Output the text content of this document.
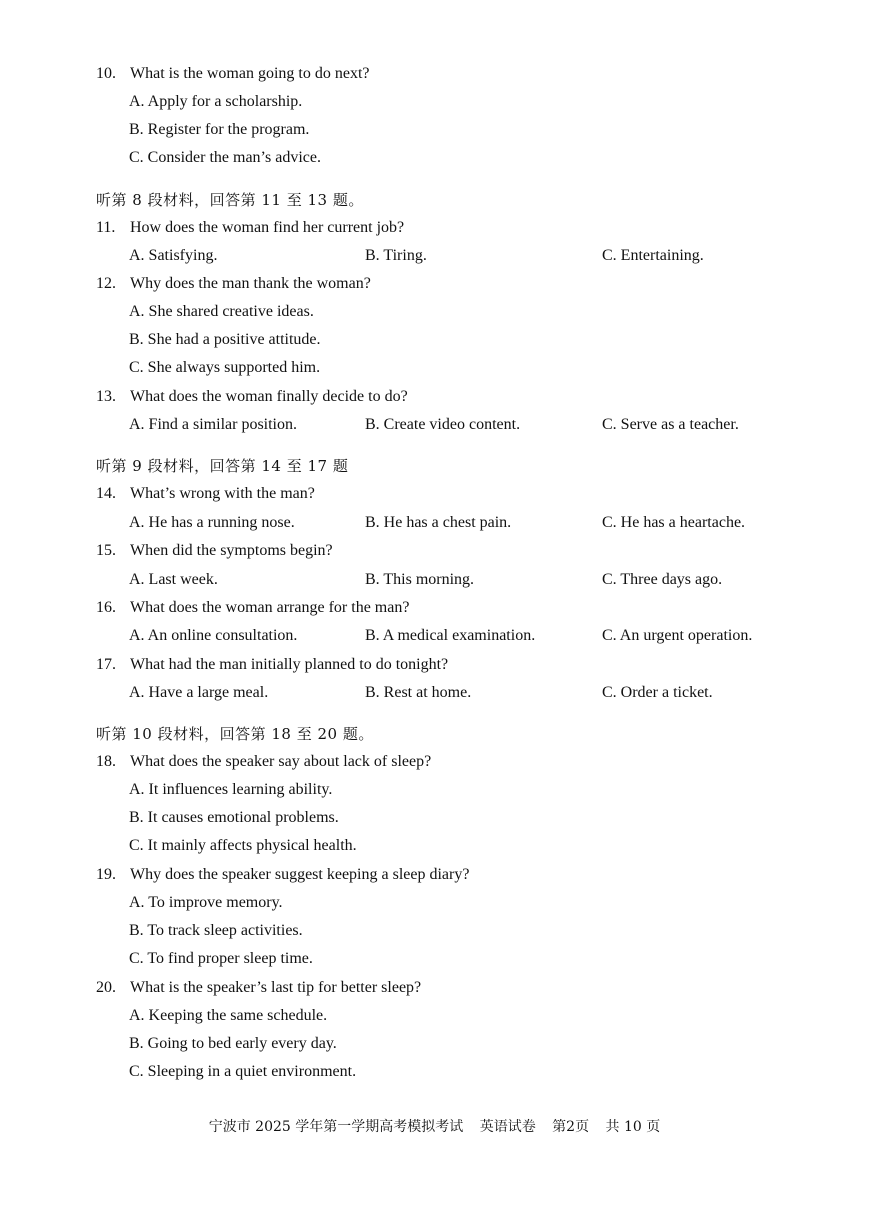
10. What is the woman going to do next?
A. Apply for a scholarship.
B. Register for the program.
C. Consider the man’s advice.
听第 8 段材料，回答第 11 至 13 题。
11. How does the woman find her current job?
A. Satisfying.	B. Tiring.	C. Entertaining.
12. Why does the man thank the woman?
A. She shared creative ideas.
B. She had a positive attitude.
C. She always supported him.
13. What does the woman finally decide to do?
A. Find a similar position.	B. Create video content.	C. Serve as a teacher.
听第 9 段材料，回答第 14 至 17 题
14. What’s wrong with the man?
A. He has a running nose.	B. He has a chest pain.	C. He has a heartache.
15. When did the symptoms begin?
A. Last week.	B. This morning.	C. Three days ago.
16. What does the woman arrange for the man?
A. An online consultation.	B. A medical examination.	C. An urgent operation.
17. What had the man initially planned to do tonight?
A. Have a large meal.	B. Rest at home.	C. Order a ticket.
听第 10 段材料，回答第 18 至 20 题。
18. What does the speaker say about lack of sleep?
A. It influences learning ability.
B. It causes emotional problems.
C. It mainly affects physical health.
19. Why does the speaker suggest keeping a sleep diary?
A. To improve memory.
B. To track sleep activities.
C. To find proper sleep time.
20. What is the speaker’s last tip for better sleep?
A. Keeping the same schedule.
B. Going to bed early every day.
C. Sleeping in a quiet environment.
宁波市 2025 学年第一学期高考模拟考试 英语试卷 第2页 共 10 页
